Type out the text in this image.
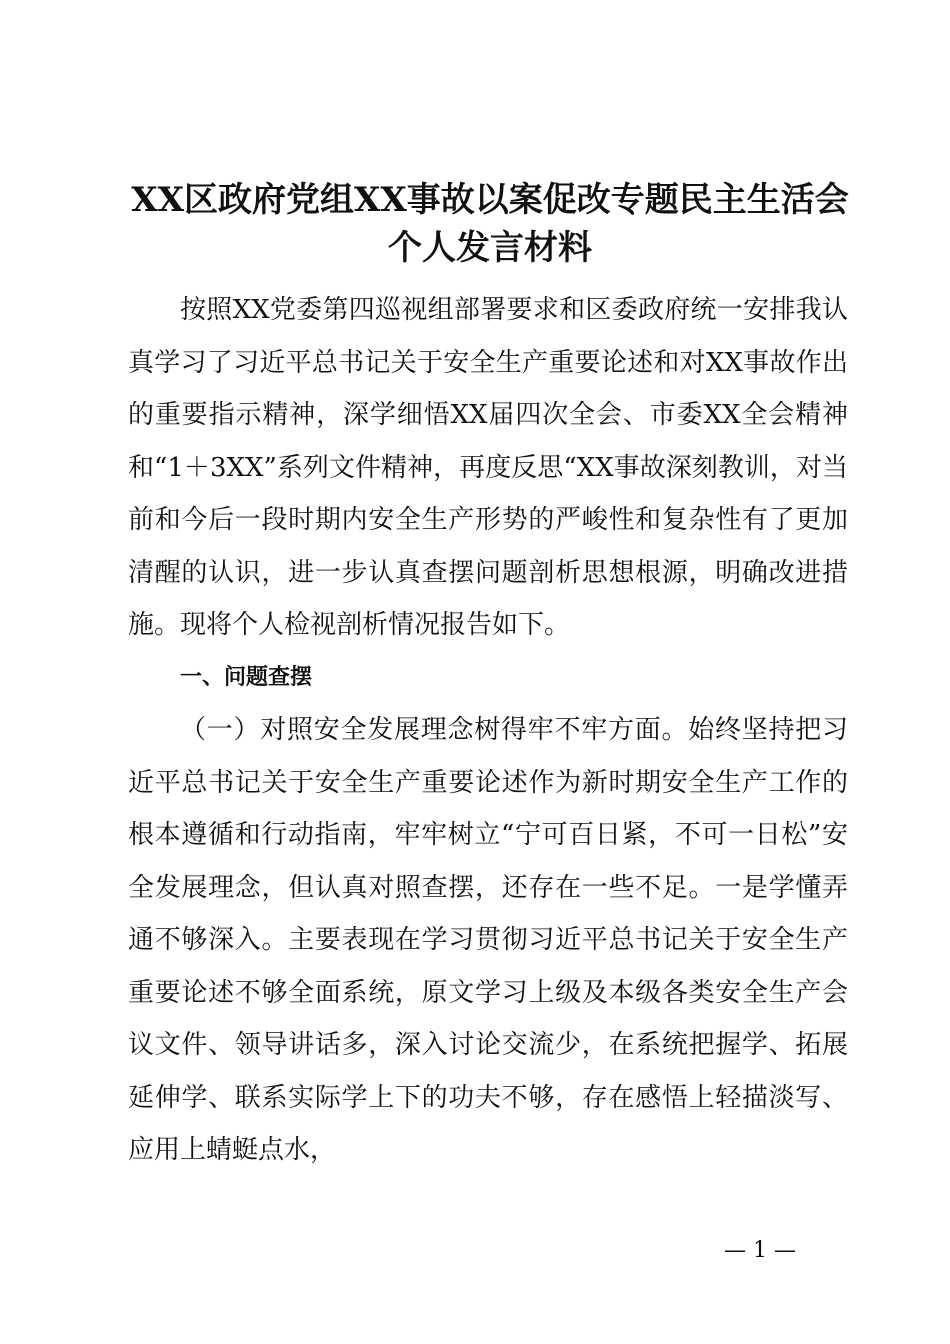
XX区政府党组XX事故以案促改专题民主生活会
个人发言材料

按照XX党委第四巡视组部署要求和区委政府统一安排我认真学习了习近平总书记关于安全生产重要论述和对XX事故作出的重要指示精神，深学细悟XX届四次全会、市委XX全会精神和“1＋3XX”系列文件精神，再度反思“XX事故深刻教训，对当前和今后一段时期内安全生产形势的严峻性和复杂性有了更加清醒的认识，进一步认真查摆问题剖析思想根源，明确改进措施。现将个人检视剖析情况报告如下。

一、问题查摆

（一）对照安全发展理念树得牢不牢方面。始终坚持把习近平总书记关于安全生产重要论述作为新时期安全生产工作的根本遵循和行动指南，牢牢树立“宁可百日紧，不可一日松”安全发展理念，但认真对照查摆，还存在一些不足。一是学懂弄通不够深入。主要表现在学习贯彻习近平总书记关于安全生产重要论述不够全面系统，原文学习上级及本级各类安全生产会议文件、领导讲话多，深入讨论交流少，在系统把握学、拓展延伸学、联系实际学上下的功夫不够，存在感悟上轻描淡写、应用上蜻蜓点水，

— 1 —
